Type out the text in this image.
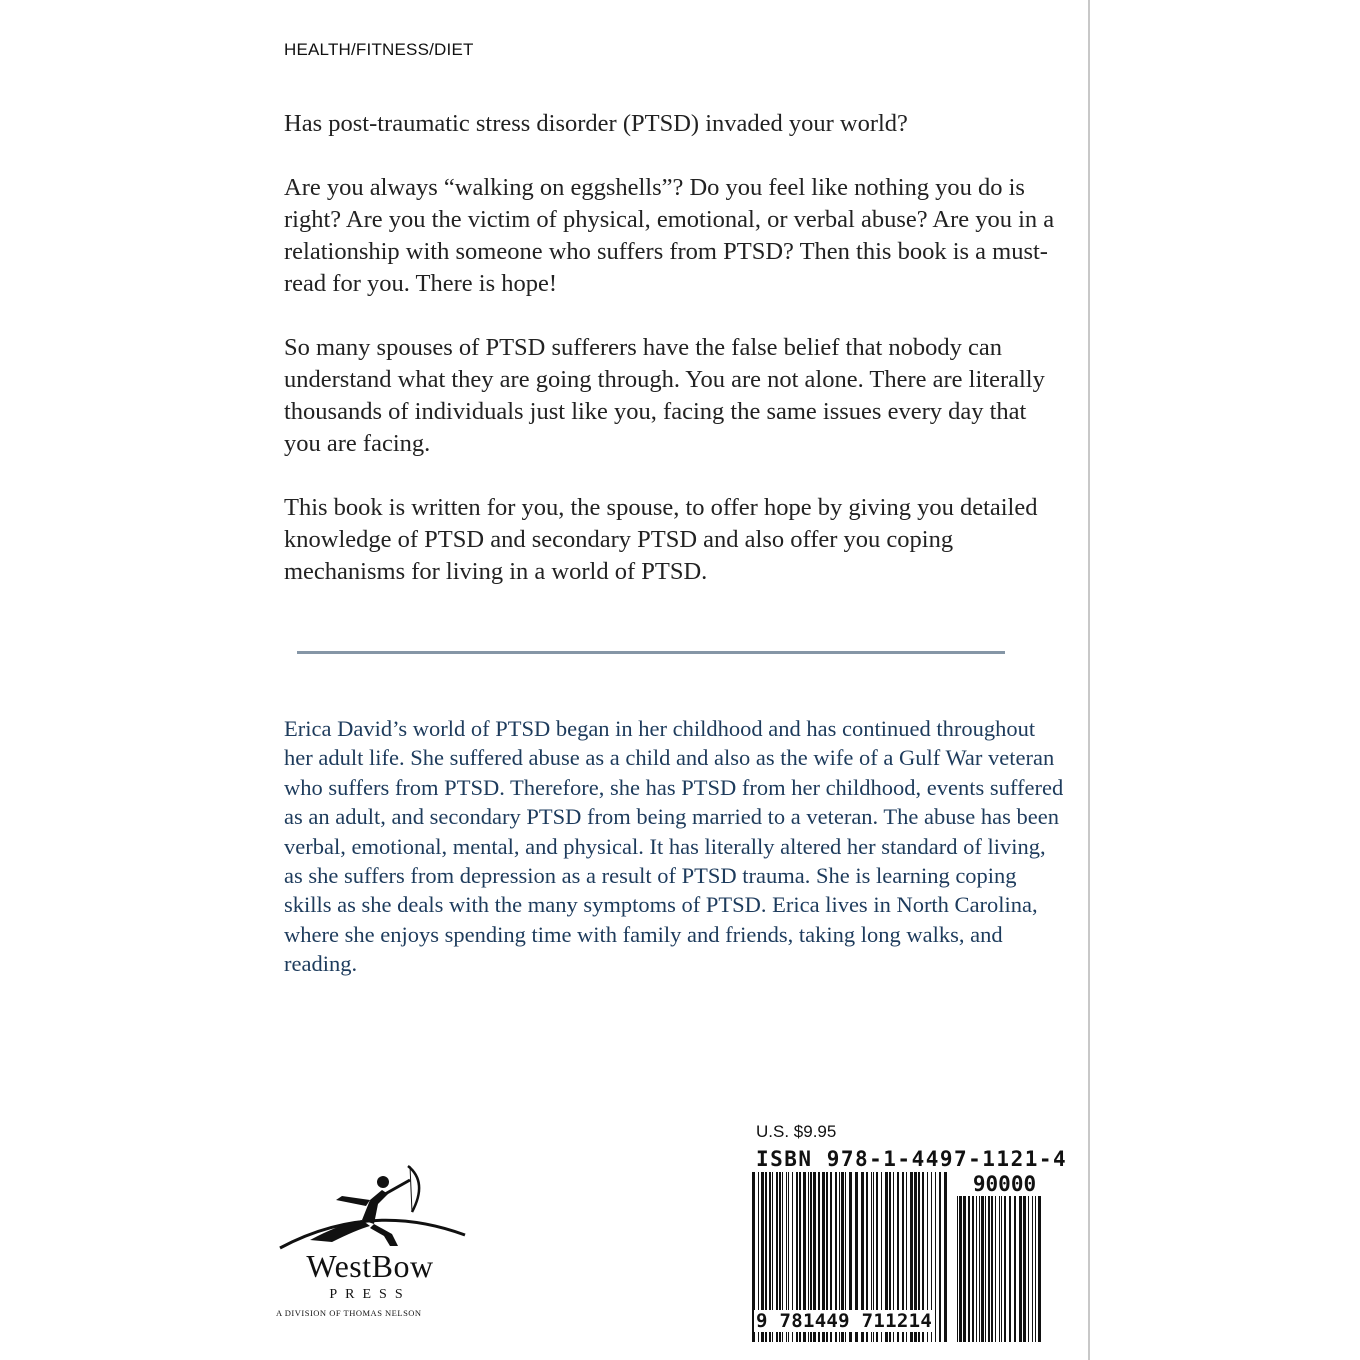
HEALTH/FITNESS/DIET

Has post-traumatic stress disorder (PTSD) invaded your world?

Are you always “walking on eggshells”? Do you feel like nothing you do is right? Are you the victim of physical, emotional, or verbal abuse? Are you in a relationship with someone who suffers from PTSD? Then this book is a must-read for you. There is hope!

So many spouses of PTSD sufferers have the false belief that nobody can understand what they are going through. You are not alone. There are literally thousands of individuals just like you, facing the same issues every day that you are facing.

This book is written for you, the spouse, to offer hope by giving you detailed knowledge of PTSD and secondary PTSD and also offer you coping mechanisms for living in a world of PTSD.

Erica David’s world of PTSD began in her childhood and has continued throughout her adult life. She suffered abuse as a child and also as the wife of a Gulf War veteran who suffers from PTSD. Therefore, she has PTSD from her childhood, events suffered as an adult, and secondary PTSD from being married to a veteran. The abuse has been verbal, emotional, mental, and physical. It has literally altered her standard of living, as she suffers from depression as a result of PTSD trauma. She is learning coping skills as she deals with the many symptoms of PTSD. Erica lives in North Carolina, where she enjoys spending time with family and friends, taking long walks, and reading.

WestBow
PRESS
A DIVISION OF THOMAS NELSON
U.S. $9.95
ISBN 978-1-4497-1121-4
90000
9 781449 711214
